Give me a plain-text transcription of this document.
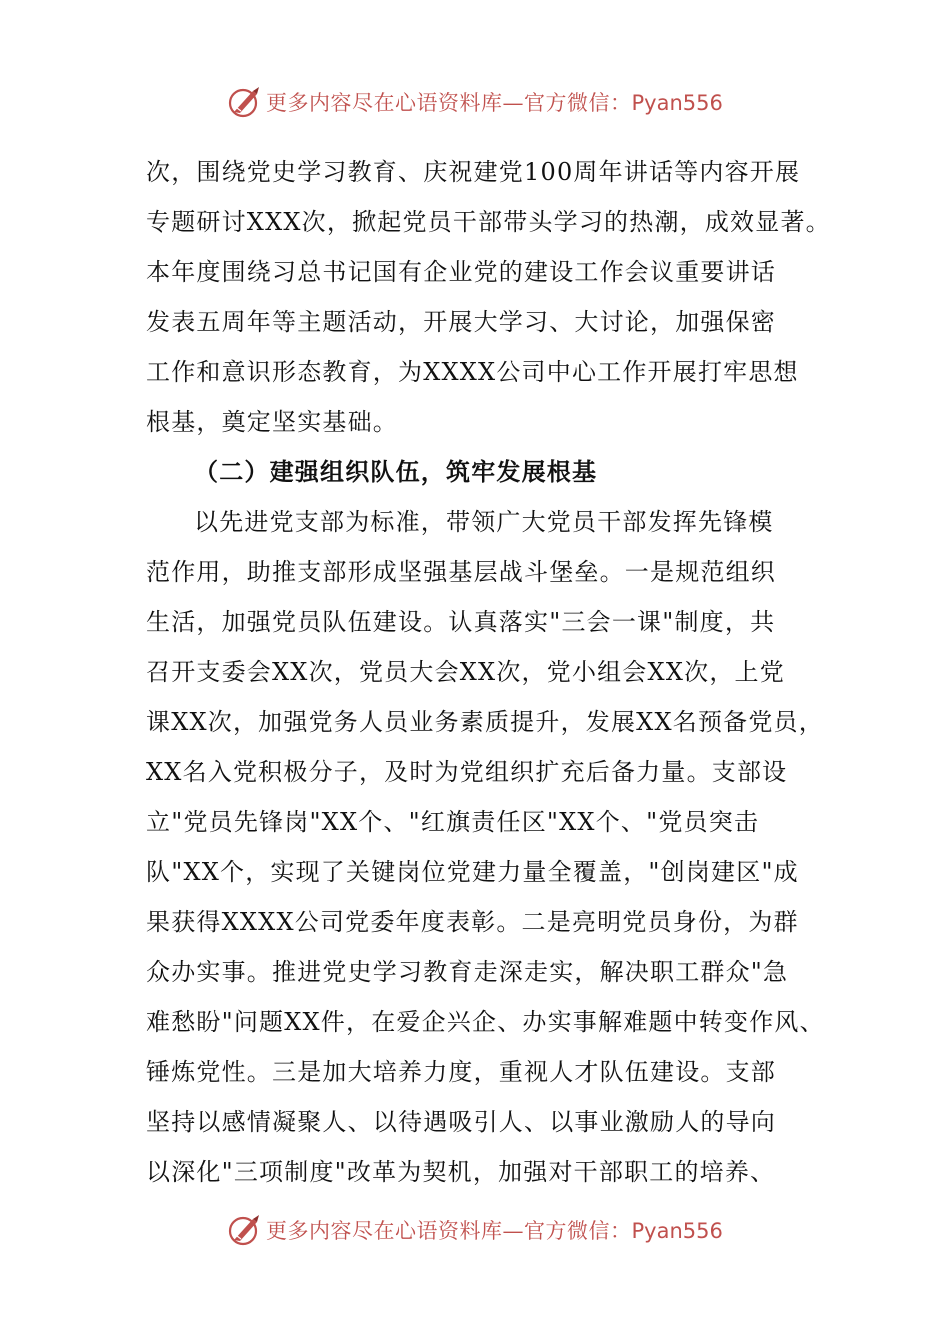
更多内容尽在心语资料库—官方微信：Pyan556
次，围绕党史学习教育、庆祝建党100周年讲话等内容开展
专题研讨XXX次，掀起党员干部带头学习的热潮，成效显著。
本年度围绕习总书记国有企业党的建设工作会议重要讲话
发表五周年等主题活动，开展大学习、大讨论，加强保密
工作和意识形态教育，为XXXX公司中心工作开展打牢思想
根基，奠定坚实基础。
（二）建强组织队伍，筑牢发展根基
以先进党支部为标准，带领广大党员干部发挥先锋模
范作用，助推支部形成坚强基层战斗堡垒。一是规范组织
生活，加强党员队伍建设。认真落实"三会一课"制度，共
召开支委会XX次，党员大会XX次，党小组会XX次，上党
课XX次，加强党务人员业务素质提升，发展XX名预备党员，
XX名入党积极分子，及时为党组织扩充后备力量。支部设
立"党员先锋岗"XX个、"红旗责任区"XX个、"党员突击
队"XX个，实现了关键岗位党建力量全覆盖，"创岗建区"成
果获得XXXX公司党委年度表彰。二是亮明党员身份，为群
众办实事。推进党史学习教育走深走实，解决职工群众"急
难愁盼"问题XX件，在爱企兴企、办实事解难题中转变作风、
锤炼党性。三是加大培养力度，重视人才队伍建设。支部
坚持以感情凝聚人、以待遇吸引人、以事业激励人的导向
以深化"三项制度"改革为契机，加强对干部职工的培养、
更多内容尽在心语资料库—官方微信：Pyan556
